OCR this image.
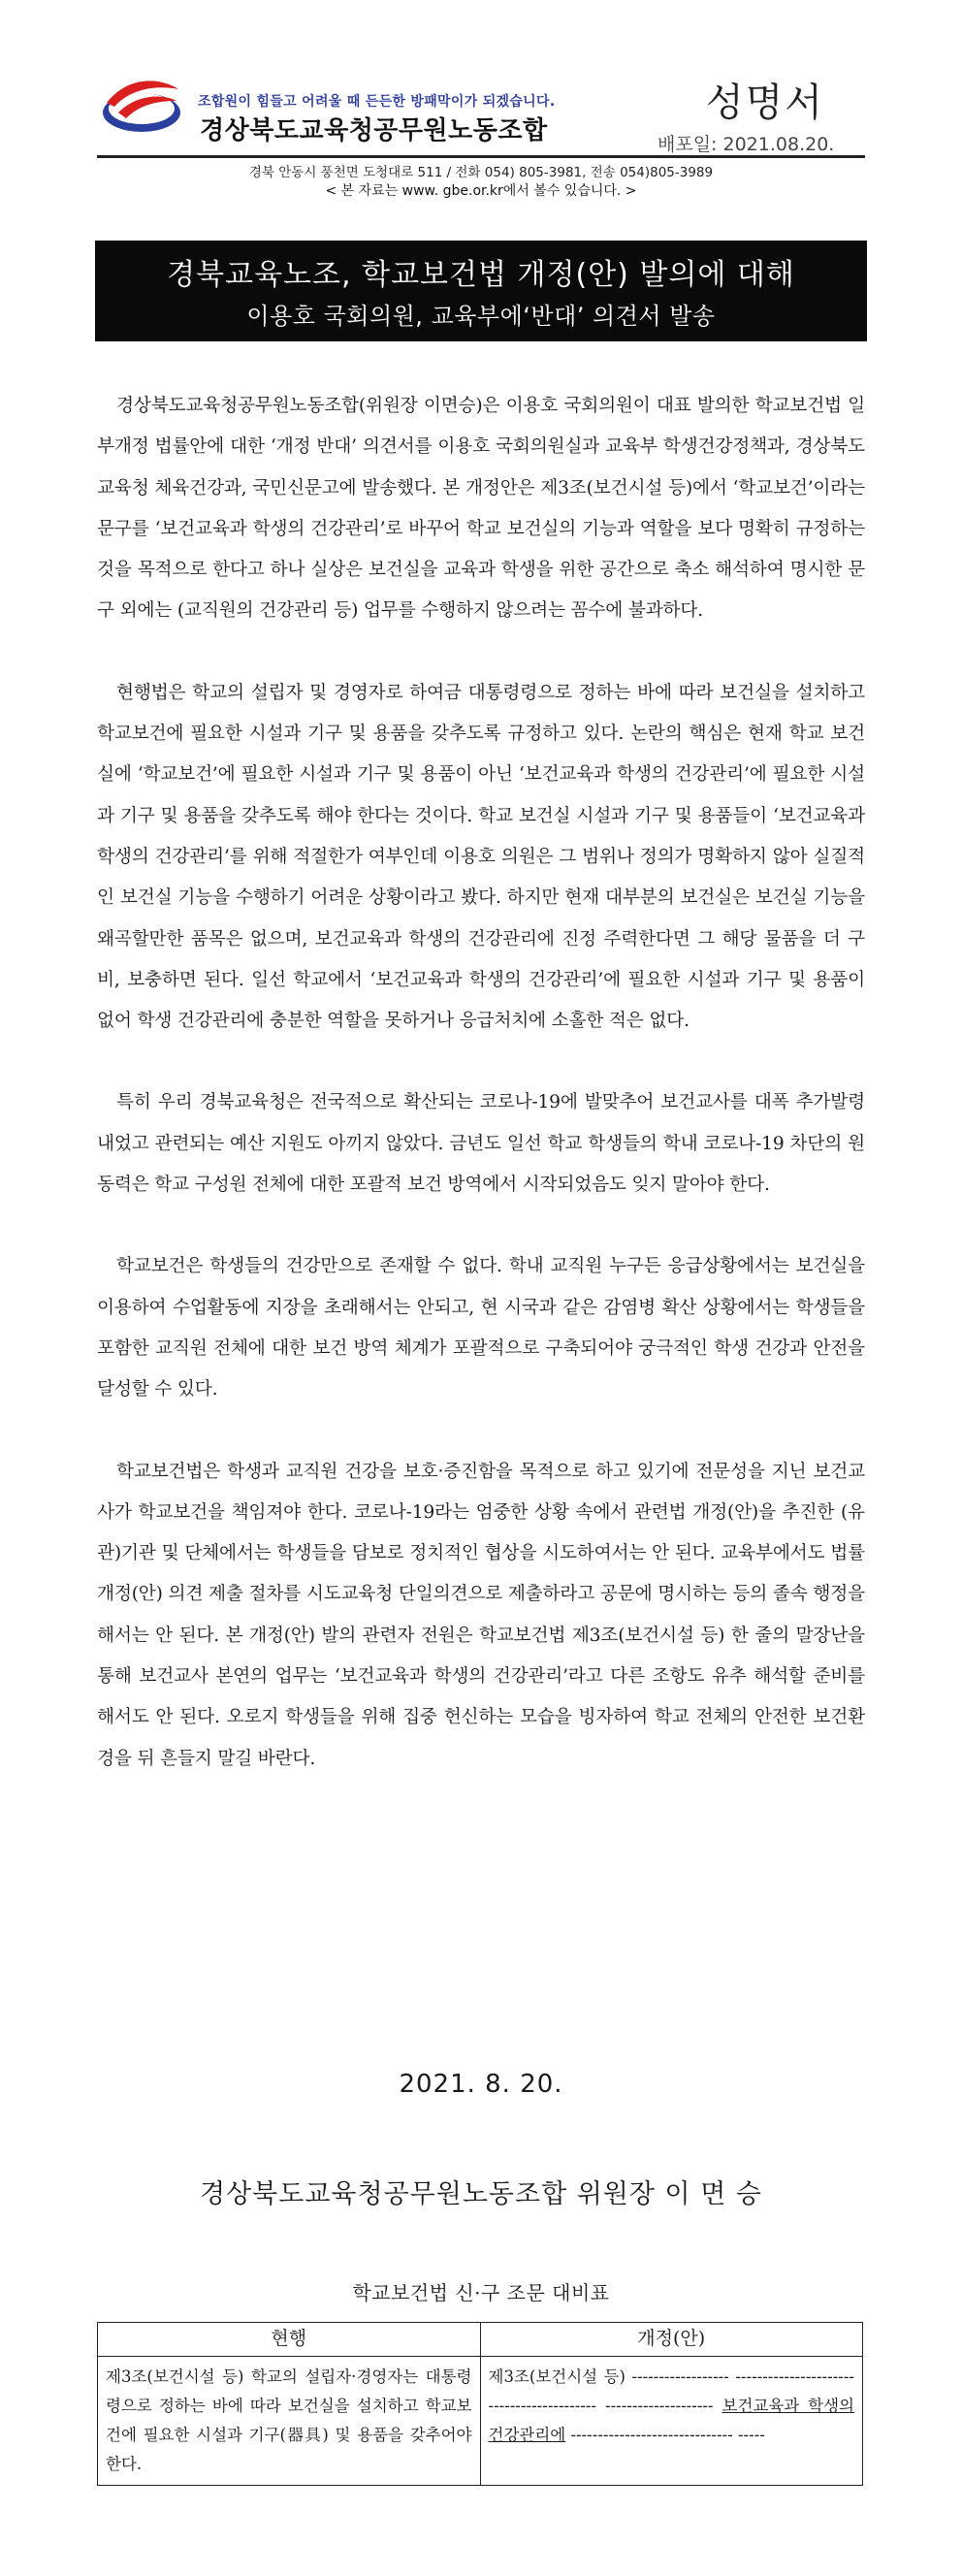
조합원이 힘들고 어려울 때 든든한 방패막이가 되겠습니다.
경상북도교육청공무원노동조합
성명서
배포일: 2021.08.20.
경북 안동시 풍천면 도청대로 511 / 전화 054) 805-3981, 전송 054)805-3989
< 본 자료는 www. gbe.or.kr에서 볼수 있습니다. >
경북교육노조, 학교보건법 개정(안) 발의에 대해
이용호 국회의원, 교육부에‘반대’ 의견서 발송

경상북도교육청공무원노동조합(위원장 이면승)은 이용호 국회의원이 대표 발의한 학교보건법 일부개정 법률안에 대한 ‘개정 반대’ 의견서를 이용호 국회의원실과 교육부 학생건강정책과, 경상북도교육청 체육건강과, 국민신문고에 발송했다. 본 개정안은 제3조(보건시설 등)에서 ‘학교보건’이라는 문구를 ‘보건교육과 학생의 건강관리’로 바꾸어 학교 보건실의 기능과 역할을 보다 명확히 규정하는 것을 목적으로 한다고 하나 실상은 보건실을 교육과 학생을 위한 공간으로 축소 해석하여 명시한 문구 외에는 (교직원의 건강관리 등) 업무를 수행하지 않으려는 꼼수에 불과하다.

현행법은 학교의 설립자 및 경영자로 하여금 대통령령으로 정하는 바에 따라 보건실을 설치하고 학교보건에 필요한 시설과 기구 및 용품을 갖추도록 규정하고 있다. 논란의 핵심은 현재 학교 보건실에 ‘학교보건’에 필요한 시설과 기구 및 용품이 아닌 ‘보건교육과 학생의 건강관리’에 필요한 시설과 기구 및 용품을 갖추도록 해야 한다는 것이다. 학교 보건실 시설과 기구 및 용품들이 ‘보건교육과 학생의 건강관리’를 위해 적절한가 여부인데 이용호 의원은 그 범위나 정의가 명확하지 않아 실질적인 보건실 기능을 수행하기 어려운 상황이라고 봤다. 하지만 현재 대부분의 보건실은 보건실 기능을 왜곡할만한 품목은 없으며, 보건교육과 학생의 건강관리에 진정 주력한다면 그 해당 물품을 더 구비, 보충하면 된다. 일선 학교에서 ‘보건교육과 학생의 건강관리’에 필요한 시설과 기구 및 용품이 없어 학생 건강관리에 충분한 역할을 못하거나 응급처치에 소홀한 적은 없다.

특히 우리 경북교육청은 전국적으로 확산되는 코로나-19에 발맞추어 보건교사를 대폭 추가발령 내었고 관련되는 예산 지원도 아끼지 않았다. 금년도 일선 학교 학생들의 학내 코로나-19 차단의 원동력은 학교 구성원 전체에 대한 포괄적 보건 방역에서 시작되었음도 잊지 말아야 한다.

학교보건은 학생들의 건강만으로 존재할 수 없다. 학내 교직원 누구든 응급상황에서는 보건실을 이용하여 수업활동에 지장을 초래해서는 안되고, 현 시국과 같은 감염병 확산 상황에서는 학생들을 포함한 교직원 전체에 대한 보건 방역 체계가 포괄적으로 구축되어야 궁극적인 학생 건강과 안전을 달성할 수 있다.

학교보건법은 학생과 교직원 건강을 보호·증진함을 목적으로 하고 있기에 전문성을 지닌 보건교사가 학교보건을 책임져야 한다. 코로나-19라는 엄중한 상황 속에서 관련법 개정(안)을 추진한 (유관)기관 및 단체에서는 학생들을 담보로 정치적인 협상을 시도하여서는 안 된다. 교육부에서도 법률 개정(안) 의견 제출 절차를 시도교육청 단일의견으로 제출하라고 공문에 명시하는 등의 졸속 행정을 해서는 안 된다. 본 개정(안) 발의 관련자 전원은 학교보건법 제3조(보건시설 등) 한 줄의 말장난을 통해 보건교사 본연의 업무는 ‘보건교육과 학생의 건강관리’라고 다른 조항도 유추 해석할 준비를 해서도 안 된다. 오로지 학생들을 위해 집중 헌신하는 모습을 빙자하여 학교 전체의 안전한 보건환경을 뒤 흔들지 말길 바란다.

2021. 8. 20.
경상북도교육청공무원노동조합 위원장 이 면 승
학교보건법 신·구 조문 대비표
현행	개정(안)
제3조(보건시설 등) 학교의 설립자·경영자는 대통령령으로 정하는 바에 따라 보건실을 설치하고 학교보건에 필요한 시설과 기구(器具) 및 용품을 갖추어야 한다.	제3조(보건시설 등) ------------------ ------------------------------------------ -------------------- 보건교육과 학생의 건강관리에 ------------------------------ -----
